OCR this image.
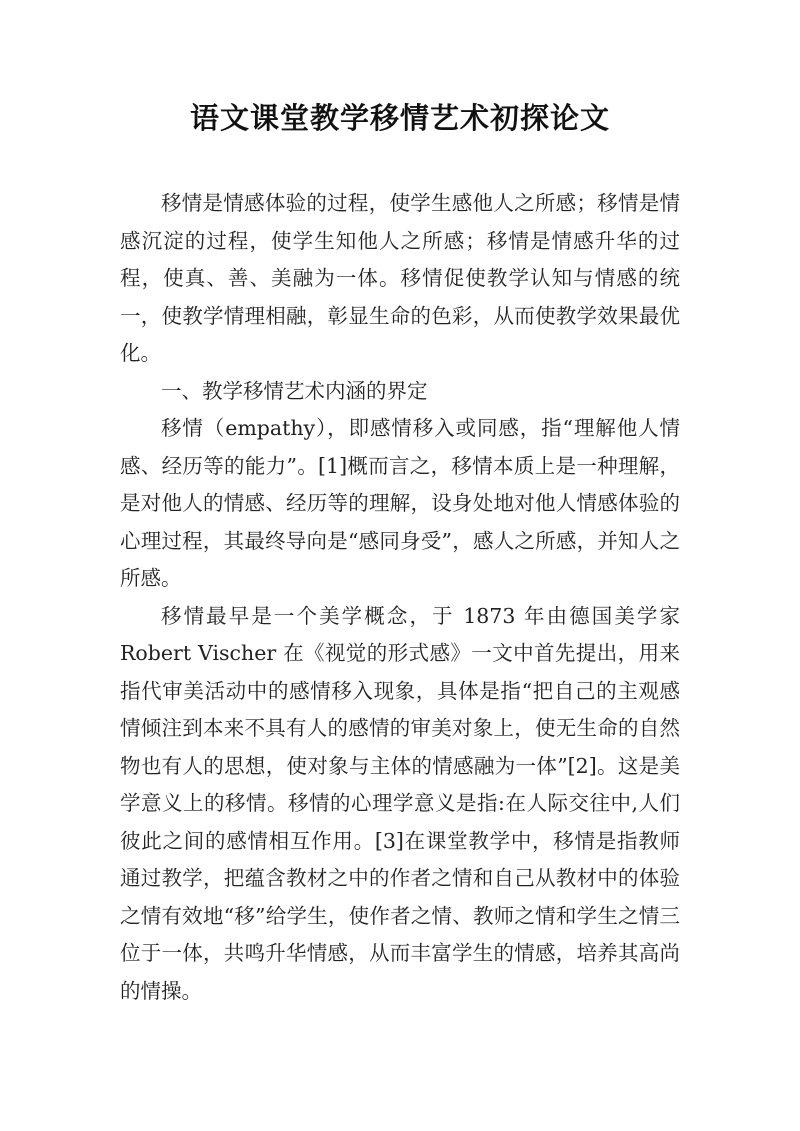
语文课堂教学移情艺术初探论文

移情是情感体验的过程，使学生感他人之所感；移情是情感沉淀的过程，使学生知他人之所感；移情是情感升华的过程，使真、善、美融为一体。移情促使教学认知与情感的统一，使教学情理相融，彰显生命的色彩，从而使教学效果最优化。

一、教学移情艺术内涵的界定

移情（empathy），即感情移入或同感，指“理解他人情感、经历等的能力”。[1]概而言之，移情本质上是一种理解，是对他人的情感、经历等的理解，设身处地对他人情感体验的心理过程，其最终导向是“感同身受”，感人之所感，并知人之所感。

移情最早是一个美学概念，于 1873 年由德国美学家 Robert Vischer 在《视觉的形式感》一文中首先提出，用来指代审美活动中的感情移入现象，具体是指“把自己的主观感情倾注到本来不具有人的感情的审美对象上，使无生命的自然物也有人的思想，使对象与主体的情感融为一体”[2]。这是美学意义上的移情。移情的心理学意义是指:在人际交往中,人们彼此之间的感情相互作用。[3]在课堂教学中，移情是指教师通过教学，把蕴含教材之中的作者之情和自己从教材中的体验之情有效地“移”给学生，使作者之情、教师之情和学生之情三位于一体，共鸣升华情感，从而丰富学生的情感，培养其高尚的情操。
